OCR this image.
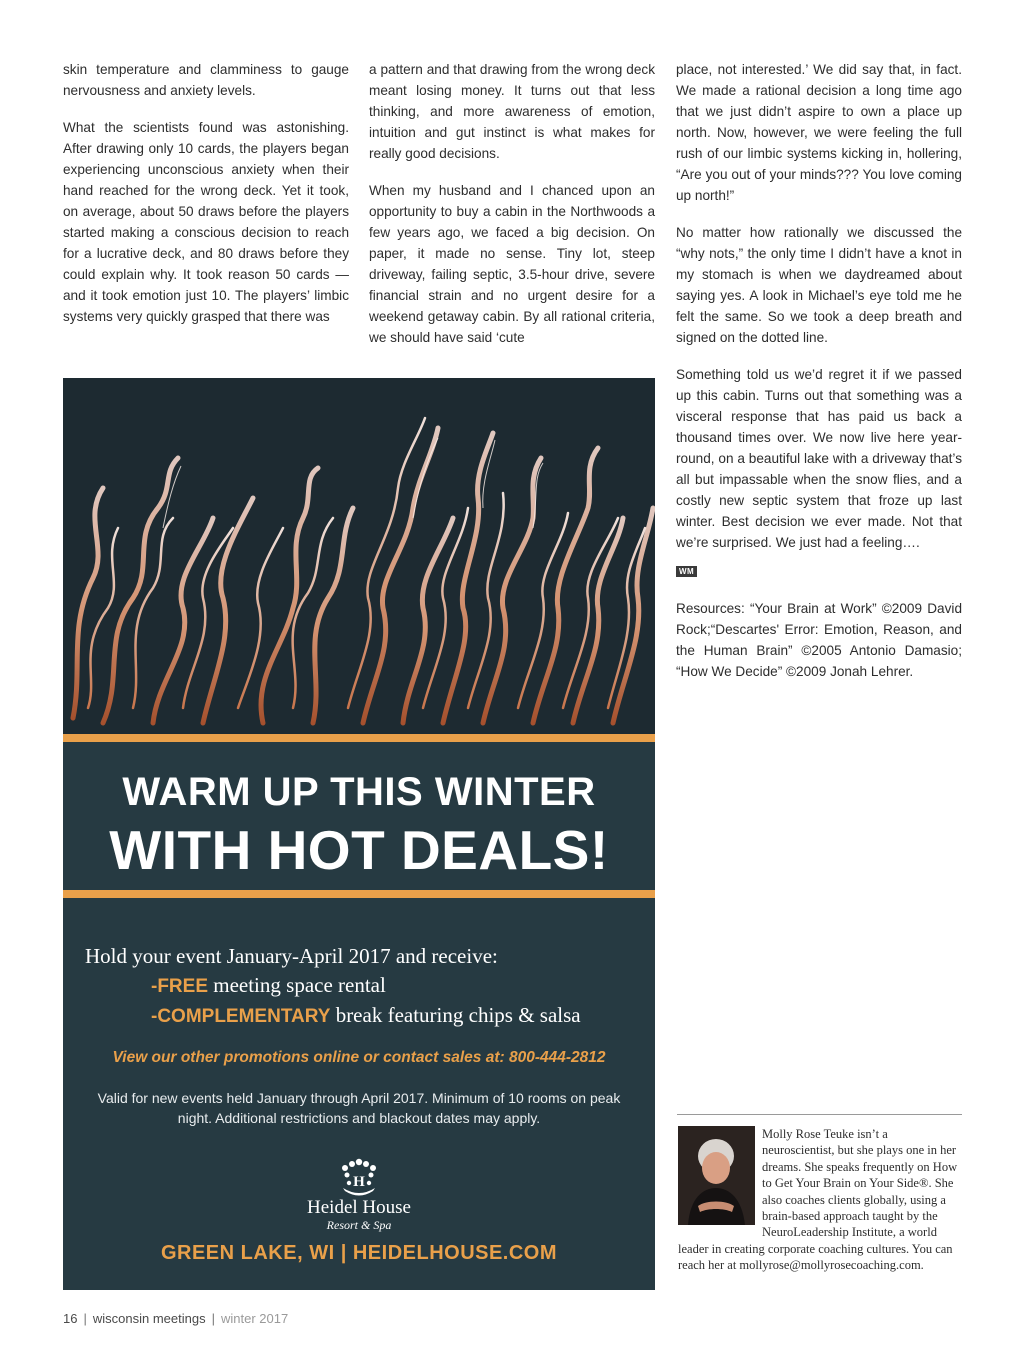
skin temperature and clamminess to gauge nervousness and anxiety levels.

What the scientists found was astonishing. After drawing only 10 cards, the players began experiencing unconscious anxiety when their hand reached for the wrong deck. Yet it took, on average, about 50 draws before the players started making a conscious decision to reach for a lucrative deck, and 80 draws before they could explain why. It took reason 50 cards — and it took emotion just 10. The players’ limbic systems very quickly grasped that there was

a pattern and that drawing from the wrong deck meant losing money. It turns out that less thinking, and more awareness of emotion, intuition and gut instinct is what makes for really good decisions.

When my husband and I chanced upon an opportunity to buy a cabin in the Northwoods a few years ago, we faced a big decision. On paper, it made no sense. Tiny lot, steep driveway, failing septic, 3.5-hour drive, severe financial strain and no urgent desire for a weekend getaway cabin. By all rational criteria, we should have said ‘cute

place, not interested.’ We did say that, in fact. We made a rational decision a long time ago that we just didn’t aspire to own a place up north. Now, however, we were feeling the full rush of our limbic systems kicking in, hollering, “Are you out of your minds??? You love coming up north!”

No matter how rationally we discussed the “why nots,” the only time I didn’t have a knot in my stomach is when we daydreamed about saying yes. A look in Michael’s eye told me he felt the same. So we took a deep breath and signed on the dotted line.

Something told us we’d regret it if we passed up this cabin. Turns out that something was a visceral response that has paid us back a thousand times over. We now live here year-round, on a beautiful lake with a driveway that’s all but impassable when the snow flies, and a costly new septic system that froze up last winter. Best decision we ever made. Not that we’re surprised. We just had a feeling….

WM

Resources: “Your Brain at Work” ©2009 David Rock;“Descartes' Error: Emotion, Reason, and the Human Brain” ©2005 Antonio Damasio; “How We Decide” ©2009 Jonah Lehrer.

WARM UP THIS WINTER
WITH HOT DEALS!
Hold your event January-April 2017 and receive:
-FREE meeting space rental
-COMPLEMENTARY break featuring chips & salsa
View our other promotions online or contact sales at: 800-444-2812
Valid for new events held January through April 2017. Minimum of 10 rooms on peak night. Additional restrictions and blackout dates may apply.
H
Heidel House
Resort & Spa
GREEN LAKE, WI | HEIDELHOUSE.COM
Molly Rose Teuke isn’t a neuroscientist, but she plays one in her dreams. She speaks frequently on How to Get Your Brain on Your Side®. She also coaches clients globally, using a brain-based approach taught by the NeuroLeadership Institute, a world leader in creating corporate coaching cultures. You can reach her at mollyrose@mollyrosecoaching.com.
16 | wisconsin meetings | winter 2017
